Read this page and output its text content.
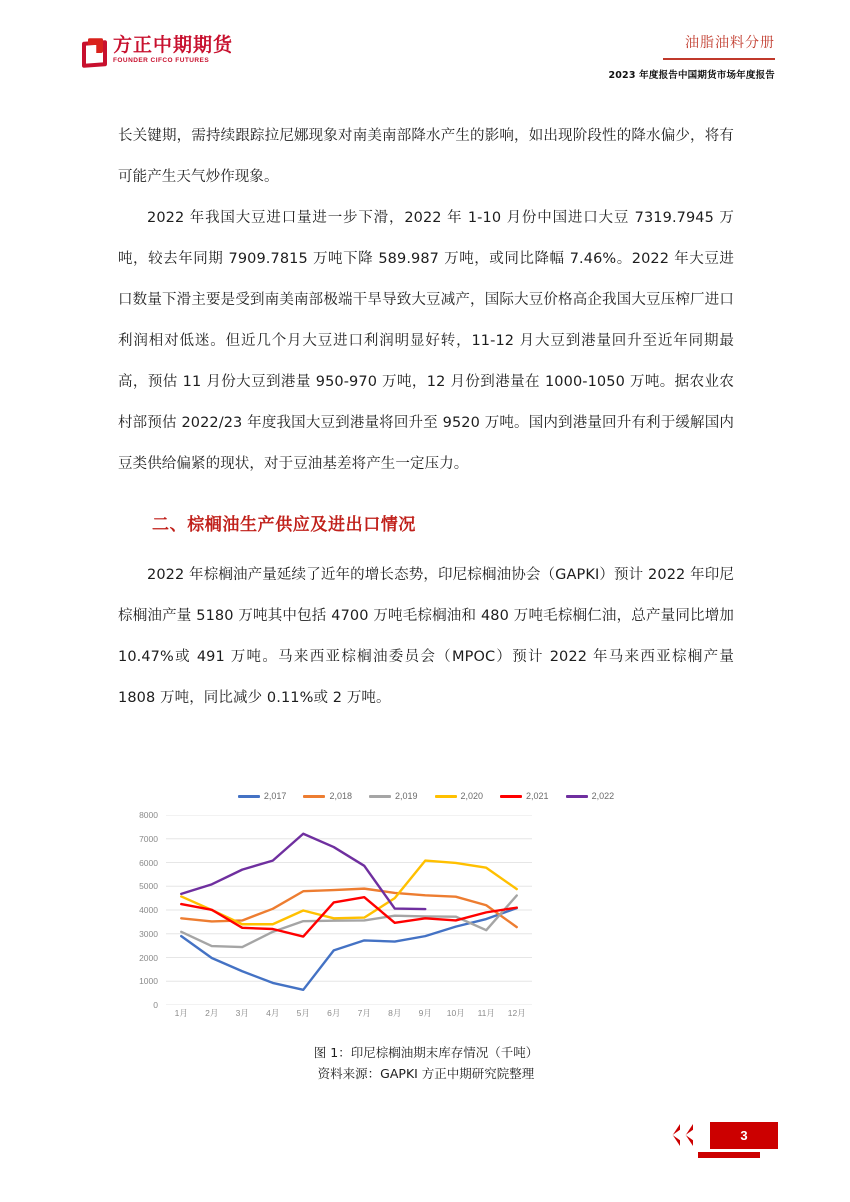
方正中期期货
FOUNDER CIFCO FUTURES
油脂油料分册
2023 年度报告中国期货市场年度报告

长关键期，需持续跟踪拉尼娜现象对南美南部降水产生的影响，如出现阶段性的降水偏少，将有可能产生天气炒作现象。

2022 年我国大豆进口量进一步下滑，2022 年 1-10 月份中国进口大豆 7319.7945 万吨，较去年同期 7909.7815 万吨下降 589.987 万吨，或同比降幅 7.46%。2022 年大豆进口数量下滑主要是受到南美南部极端干旱导致大豆减产，国际大豆价格高企我国大豆压榨厂进口利润相对低迷。但近几个月大豆进口利润明显好转，11-12 月大豆到港量回升至近年同期最高，预估 11 月份大豆到港量 950-970 万吨，12 月份到港量在 1000-1050 万吨。据农业农村部预估 2022/23 年度我国大豆到港量将回升至 9520 万吨。国内到港量回升有利于缓解国内豆类供给偏紧的现状，对于豆油基差将产生一定压力。

二、棕榈油生产供应及进出口情况

2022 年棕榈油产量延续了近年的增长态势，印尼棕榈油协会（GAPKI）预计 2022 年印尼棕榈油产量 5180 万吨其中包括 4700 万吨毛棕榈油和 480 万吨毛棕榈仁油，总产量同比增加 10.47%或 491 万吨。马来西亚棕榈油委员会（MPOC）预计 2022 年马来西亚棕榈产量 1808 万吨，同比减少 0.11%或 2 万吨。

2,017	2,018	2,019	2,020	2,021	2,022
8000
7000
6000
5000
4000
3000
2000
1000
0
1月 2月 3月 4月 5月 6月 7月 8月 9月 10月 11月 12月
图 1：印尼棕榈油期末库存情况（千吨）
资料来源：GAPKI 方正中期研究院整理
3
